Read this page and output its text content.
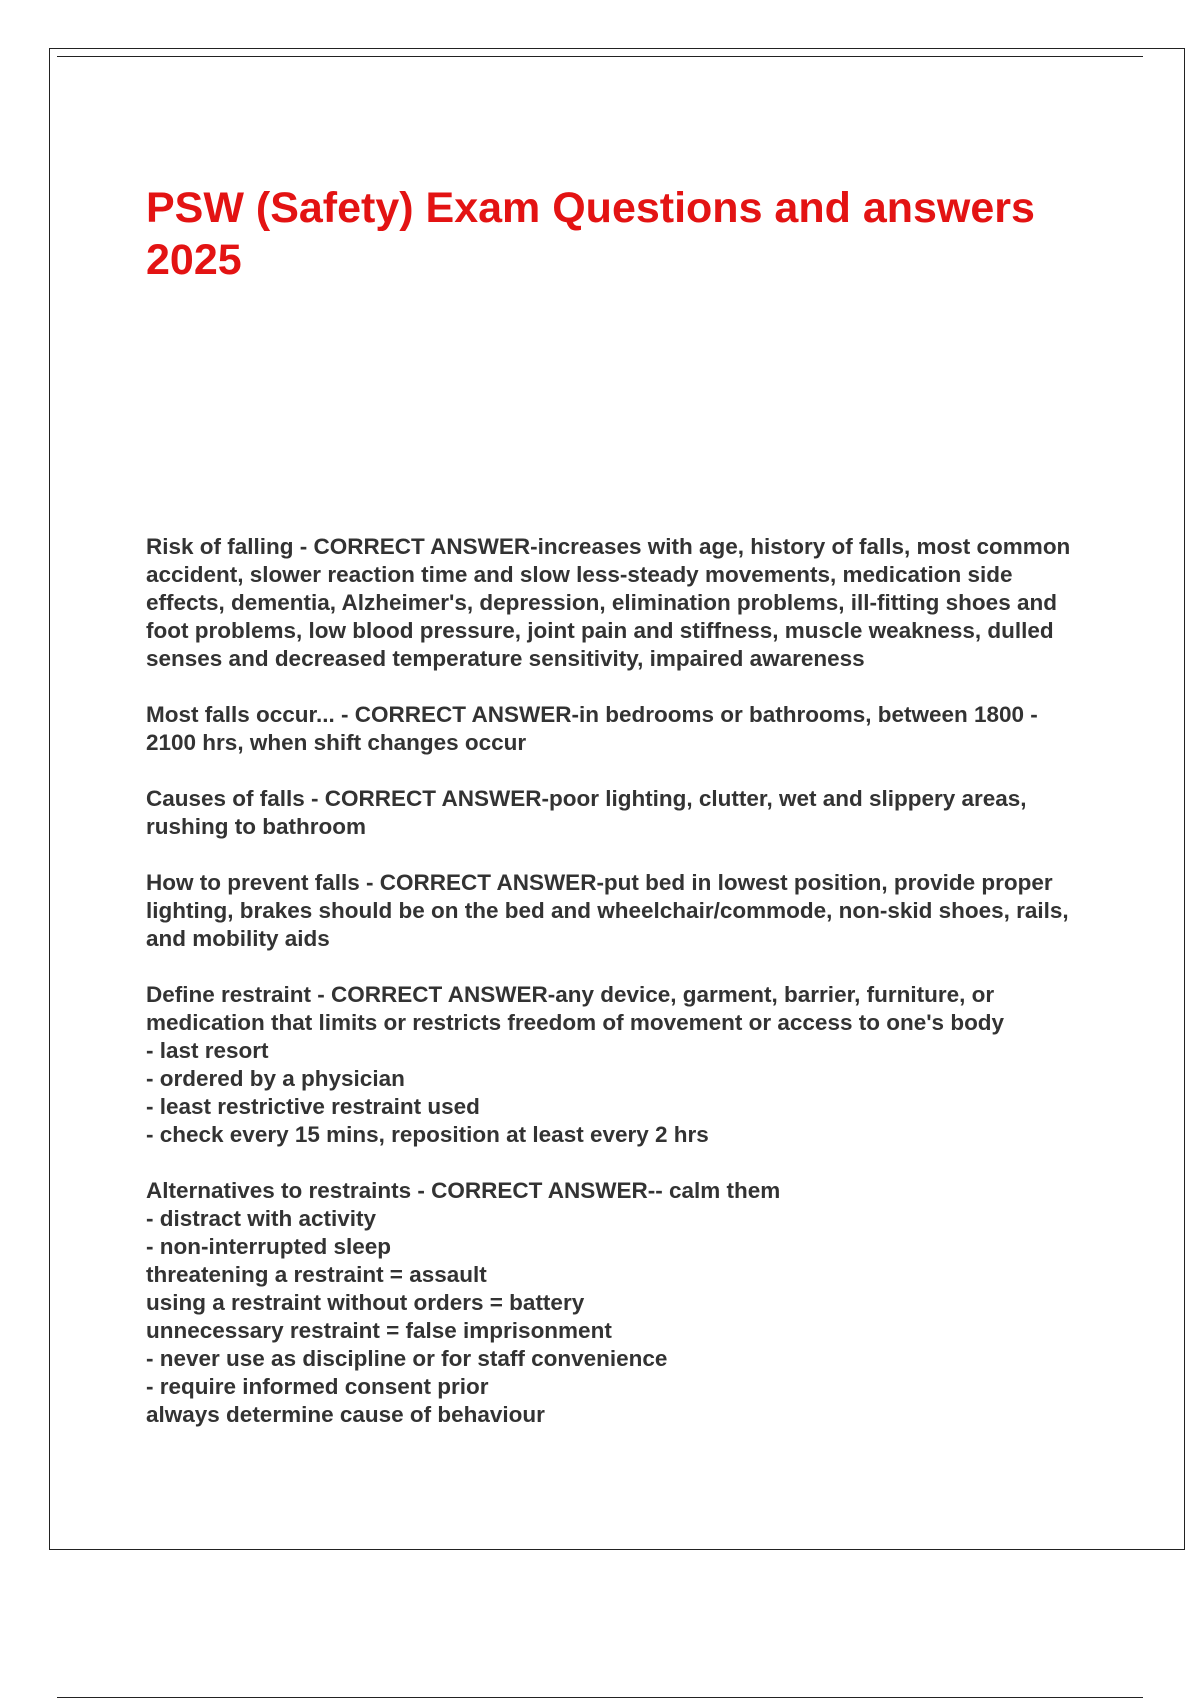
PSW (Safety) Exam Questions and answers 2025

Risk of falling - CORRECT ANSWER-increases with age, history of falls, most common accident, slower reaction time and slow less-steady movements, medication side effects, dementia, Alzheimer's, depression, elimination problems, ill-fitting shoes and foot problems, low blood pressure, joint pain and stiffness, muscle weakness, dulled senses and decreased temperature sensitivity, impaired awareness

Most falls occur... - CORRECT ANSWER-in bedrooms or bathrooms, between 1800 - 2100 hrs, when shift changes occur

Causes of falls - CORRECT ANSWER-poor lighting, clutter, wet and slippery areas, rushing to bathroom

How to prevent falls - CORRECT ANSWER-put bed in lowest position, provide proper lighting, brakes should be on the bed and wheelchair/commode, non-skid shoes, rails, and mobility aids

Define restraint - CORRECT ANSWER-any device, garment, barrier, furniture, or medication that limits or restricts freedom of movement or access to one's body

- last resort

- ordered by a physician

- least restrictive restraint used

- check every 15 mins, reposition at least every 2 hrs

Alternatives to restraints - CORRECT ANSWER-- calm them

- distract with activity

- non-interrupted sleep

threatening a restraint = assault

using a restraint without orders = battery

unnecessary restraint = false imprisonment

- never use as discipline or for staff convenience

- require informed consent prior

always determine cause of behaviour
